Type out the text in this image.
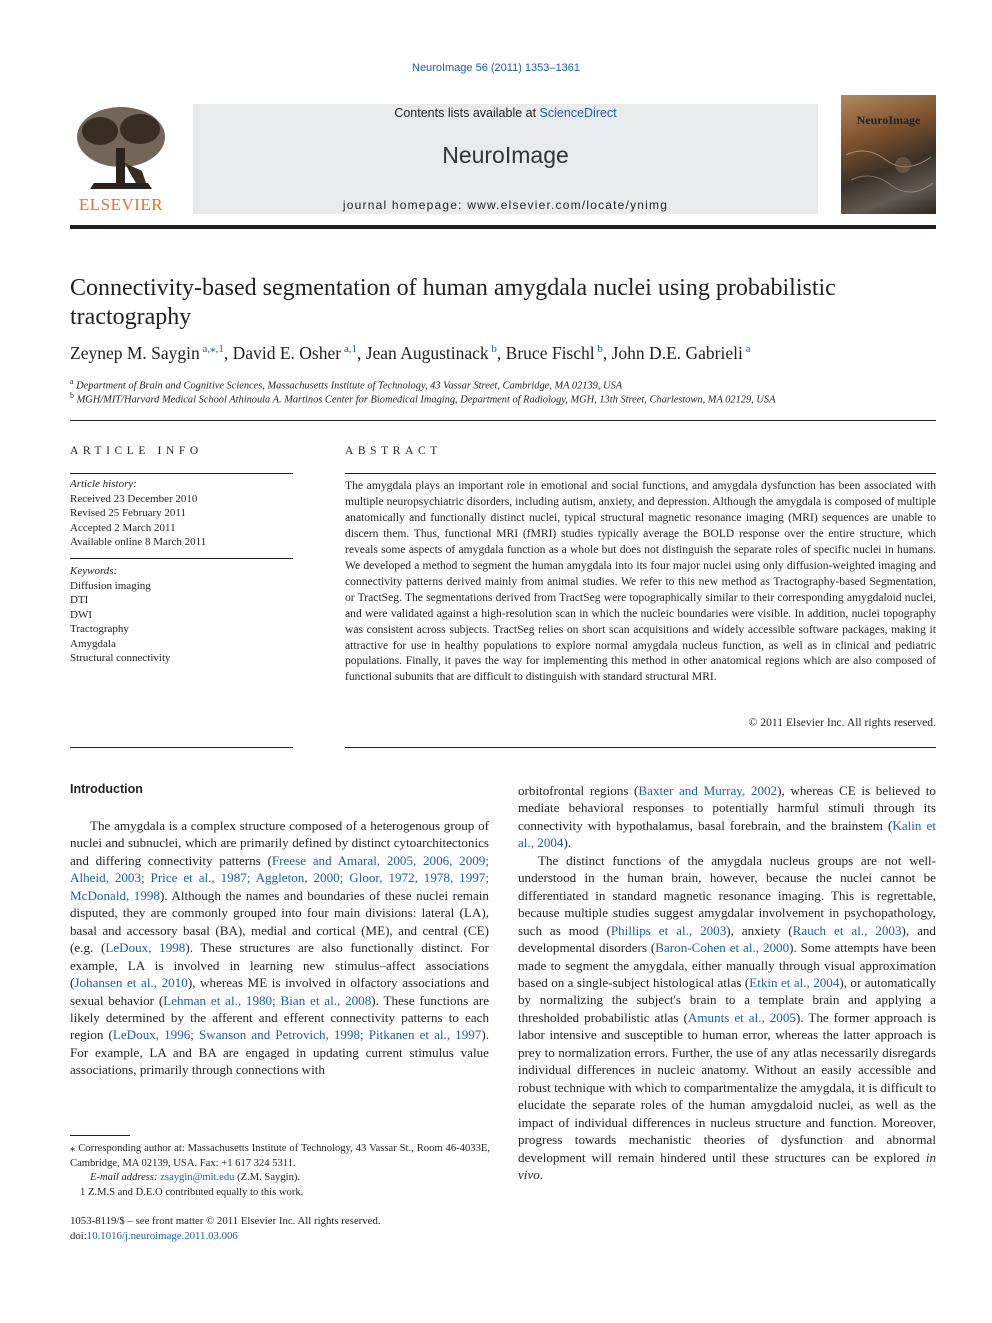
NeuroImage 56 (2011) 1353–1361
ELSEVIER
Contents lists available at ScienceDirect
NeuroImage
journal homepage: www.elsevier.com/locate/ynimg
NeuroImage
Connectivity-based segmentation of human amygdala nuclei using probabilistic tractography
Zeynep M. Saygin $^{a,⁎,1}$, David E. Osher $^{a,1}$, Jean Augustinack $^b$, Bruce Fischl $^b$, John D.E. Gabrieli $^a$
$^a$ Department of Brain and Cognitive Sciences, Massachusetts Institute of Technology, 43 Vassar Street, Cambridge, MA 02139, USA
$^b$ MGH/MIT/Harvard Medical School Athinoula A. Martinos Center for Biomedical Imaging, Department of Radiology, MGH, 13th Street, Charlestown, MA 02129, USA
ARTICLE INFO
Article history:
Received 23 December 2010
Revised 25 February 2011
Accepted 2 March 2011
Available online 8 March 2011
Keywords:
Diffusion imaging
DTI
DWI
Tractography
Amygdala
Structural connectivity
ABSTRACT
The amygdala plays an important role in emotional and social functions, and amygdala dysfunction has been associated with multiple neuropsychiatric disorders, including autism, anxiety, and depression. Although the amygdala is composed of multiple anatomically and functionally distinct nuclei, typical structural magnetic resonance imaging (MRI) sequences are unable to discern them. Thus, functional MRI (fMRI) studies typically average the BOLD response over the entire structure, which reveals some aspects of amygdala function as a whole but does not distinguish the separate roles of specific nuclei in humans. We developed a method to segment the human amygdala into its four major nuclei using only diffusion-weighted imaging and connectivity patterns derived mainly from animal studies. We refer to this new method as Tractography-based Segmentation, or TractSeg. The segmentations derived from TractSeg were topographically similar to their corresponding amygdaloid nuclei, and were validated against a high-resolution scan in which the nucleic boundaries were visible. In addition, nuclei topography was consistent across subjects. TractSeg relies on short scan acquisitions and widely accessible software packages, making it attractive for use in healthy populations to explore normal amygdala nucleus function, as well as in clinical and pediatric populations. Finally, it paves the way for implementing this method in other anatomical regions which are also composed of functional subunits that are difficult to distinguish with standard structural MRI.
© 2011 Elsevier Inc. All rights reserved.
Introduction

The amygdala is a complex structure composed of a heterogenous group of nuclei and subnuclei, which are primarily defined by distinct cytoarchitectonics and differing connectivity patterns (Freese and Amaral, 2005, 2006, 2009; Alheid, 2003; Price et al., 1987; Aggleton, 2000; Gloor, 1972, 1978, 1997; McDonald, 1998). Although the names and boundaries of these nuclei remain disputed, they are commonly grouped into four main divisions: lateral (LA), basal and accessory basal (BA), medial and cortical (ME), and central (CE) (e.g. (LeDoux, 1998). These structures are also functionally distinct. For example, LA is involved in learning new stimulus–affect associations (Johansen et al., 2010), whereas ME is involved in olfactory associations and sexual behavior (Lehman et al., 1980; Bian et al., 2008). These functions are likely determined by the afferent and efferent connectivity patterns to each region (LeDoux, 1996; Swanson and Petrovich, 1998; Pitkanen et al., 1997). For example, LA and BA are engaged in updating current stimulus value associations, primarily through connections with

orbitofrontal regions (Baxter and Murray, 2002), whereas CE is believed to mediate behavioral responses to potentially harmful stimuli through its connectivity with hypothalamus, basal forebrain, and the brainstem (Kalin et al., 2004).

The distinct functions of the amygdala nucleus groups are not well-understood in the human brain, however, because the nuclei cannot be differentiated in standard magnetic resonance imaging. This is regrettable, because multiple studies suggest amygdalar involvement in psychopathology, such as mood (Phillips et al., 2003), anxiety (Rauch et al., 2003), and developmental disorders (Baron-Cohen et al., 2000). Some attempts have been made to segment the amygdala, either manually through visual approximation based on a single-subject histological atlas (Etkin et al., 2004), or automatically by normalizing the subject's brain to a template brain and applying a thresholded probabilistic atlas (Amunts et al., 2005). The former approach is labor intensive and susceptible to human error, whereas the latter approach is prey to normalization errors. Further, the use of any atlas necessarily disregards individual differences in nucleic anatomy. Without an easily accessible and robust technique with which to compartmentalize the amygdala, it is difficult to elucidate the separate roles of the human amygdaloid nuclei, as well as the impact of individual differences in nucleus structure and function. Moreover, progress towards mechanistic theories of dysfunction and abnormal development will remain hindered until these structures can be explored in vivo.

⁎ Corresponding author at: Massachusetts Institute of Technology, 43 Vassar St., Room 46-4033E, Cambridge, MA 02139, USA. Fax: +1 617 324 5311.
E-mail address: zsaygin@mit.edu (Z.M. Saygin).
1 Z.M.S and D.E.O contributed equally to this work.
1053-8119/$ – see front matter © 2011 Elsevier Inc. All rights reserved.
doi:10.1016/j.neuroimage.2011.03.006
